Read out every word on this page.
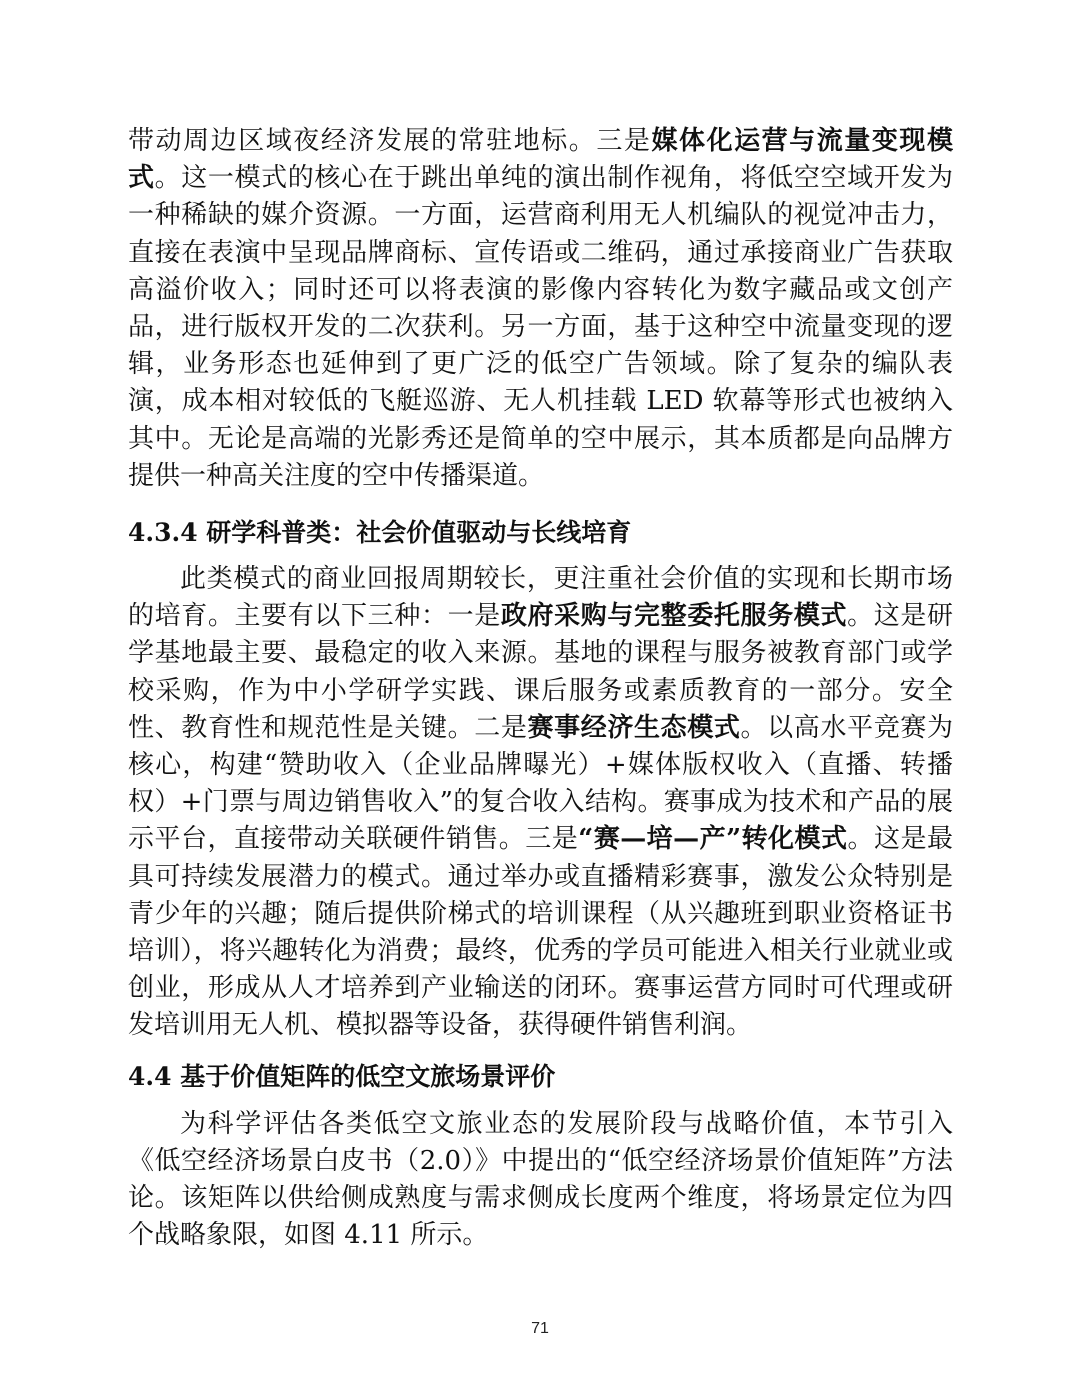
带动周边区域夜经济发展的常驻地标。三是媒体化运营与流量变现模式。这一模式的核心在于跳出单纯的演出制作视角，将低空空域开发为一种稀缺的媒介资源。一方面，运营商利用无人机编队的视觉冲击力，直接在表演中呈现品牌商标、宣传语或二维码，通过承接商业广告获取高溢价收入；同时还可以将表演的影像内容转化为数字藏品或文创产品，进行版权开发的二次获利。另一方面，基于这种空中流量变现的逻辑，业务形态也延伸到了更广泛的低空广告领域。除了复杂的编队表演，成本相对较低的飞艇巡游、无人机挂载 LED 软幕等形式也被纳入其中。无论是高端的光影秀还是简单的空中展示，其本质都是向品牌方提供一种高关注度的空中传播渠道。

4.3.4 研学科普类：社会价值驱动与长线培育

此类模式的商业回报周期较长，更注重社会价值的实现和长期市场的培育。主要有以下三种：一是政府采购与完整委托服务模式。这是研学基地最主要、最稳定的收入来源。基地的课程与服务被教育部门或学校采购，作为中小学研学实践、课后服务或素质教育的一部分。安全性、教育性和规范性是关键。二是赛事经济生态模式。以高水平竞赛为核心，构建“赞助收入（企业品牌曝光）+媒体版权收入（直播、转播权）+门票与周边销售收入”的复合收入结构。赛事成为技术和产品的展示平台，直接带动关联硬件销售。三是“赛—培—产”转化模式。这是最具可持续发展潜力的模式。通过举办或直播精彩赛事，激发公众特别是青少年的兴趣；随后提供阶梯式的培训课程（从兴趣班到职业资格证书培训），将兴趣转化为消费；最终，优秀的学员可能进入相关行业就业或创业，形成从人才培养到产业输送的闭环。赛事运营方同时可代理或研发培训用无人机、模拟器等设备，获得硬件销售利润。

4.4 基于价值矩阵的低空文旅场景评价

为科学评估各类低空文旅业态的发展阶段与战略价值，本节引入《低空经济场景白皮书（2.0）》中提出的“低空经济场景价值矩阵”方法论。该矩阵以供给侧成熟度与需求侧成长度两个维度，将场景定位为四个战略象限，如图 4.11 所示。

71
